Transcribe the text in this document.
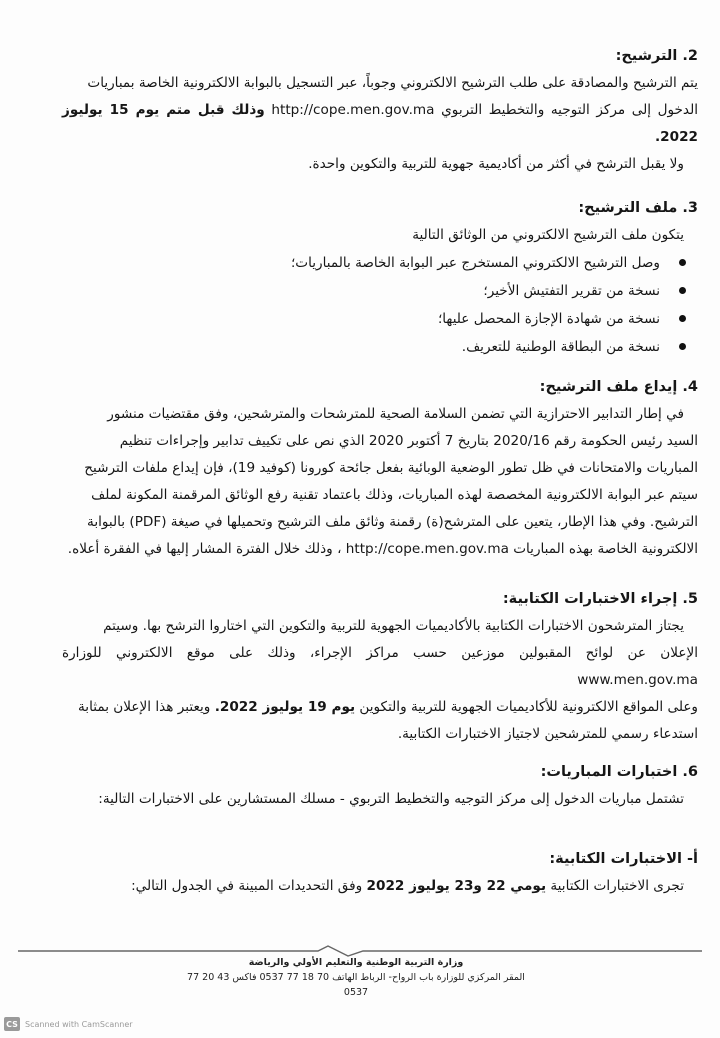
2. الترشيح:

يتم الترشيح والمصادقة على طلب الترشيح الالكتروني وجوباً، عبر التسجيل بالبوابة الالكترونية الخاصة بمباريات

الدخول إلى مركز التوجيه والتخطيط التربوي http://cope.men.gov.ma وذلك قبل متم يوم 15 يوليوز 2022.

ولا يقبل الترشح في أكثر من أكاديمية جهوية للتربية والتكوين واحدة.

3. ملف الترشيح:

يتكون ملف الترشيح الالكتروني من الوثائق التالية

وصل الترشيح الالكتروني المستخرج عبر البوابة الخاصة بالمباريات؛
نسخة من تقرير التفتيش الأخير؛
نسخة من شهادة الإجازة المحصل عليها؛
نسخة من البطاقة الوطنية للتعريف.

4. إيداع ملف الترشيح:

في إطار التدابير الاحترازية التي تضمن السلامة الصحية للمترشحات والمترشحين، وفق مقتضيات منشور

السيد رئيس الحكومة رقم 2020/16 بتاريخ 7 أكتوبر 2020 الذي نص على تكييف تدابير وإجراءات تنظيم

المباريات والامتحانات في ظل تطور الوضعية الوبائية بفعل جائحة كورونا (كوفيد 19)، فإن إيداع ملفات الترشيح

سيتم عبر البوابة الالكترونية المخصصة لهذه المباريات، وذلك باعتماد تقنية رفع الوثائق المرقمنة المكونة لملف

الترشيح. وفي هذا الإطار، يتعين على المترشح(ة) رقمنة وثائق ملف الترشيح وتحميلها في صيغة (PDF) بالبوابة

الالكترونية الخاصة بهذه المباريات http://cope.men.gov.ma ، وذلك خلال الفترة المشار إليها في الفقرة أعلاه.

5. إجراء الاختبارات الكتابية:

يجتاز المترشحون الاختبارات الكتابية بالأكاديميات الجهوية للتربية والتكوين التي اختاروا الترشح بها. وسيتم

الإعلان عن لوائح المقبولين موزعين حسب مراكز الإجراء، وذلك على موقع الالكتروني للوزارة www.men.gov.ma

وعلى المواقع الالكترونية للأكاديميات الجهوية للتربية والتكوين يوم 19 يوليوز 2022. ويعتبر هذا الإعلان بمثابة

استدعاء رسمي للمترشحين لاجتياز الاختبارات الكتابية.

6. اختبارات المباريات:

تشتمل مباريات الدخول إلى مركز التوجيه والتخطيط التربوي - مسلك المستشارين على الاختبارات التالية:

أ- الاختبارات الكتابية:

تجرى الاختبارات الكتابية يومي 22 و23 يوليوز 2022 وفق التحديدات المبينة في الجدول التالي:

وزارة التربية الوطنية والتعليم الأولي والرياضة
المقر المركزي للوزارة باب الرواح- الرباط الهاتف 70 18 77 0537 فاكس 43 20 77 0537
CS Scanned with CamScanner
